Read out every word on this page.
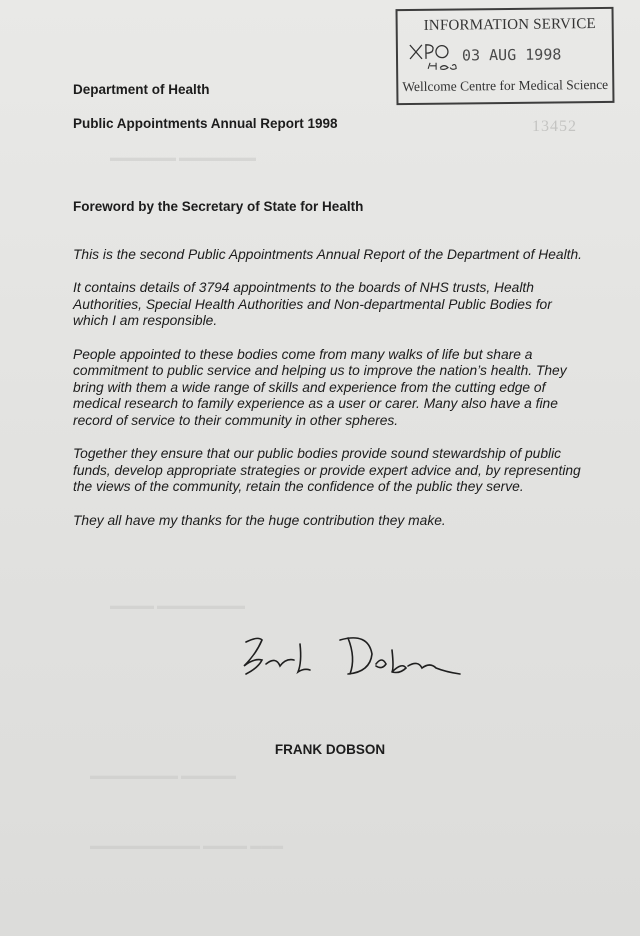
▬▬▬▬▬▬ ▬▬▬▬▬▬▬
▬▬▬▬ ▬▬▬▬▬▬▬▬
▬▬▬▬▬▬▬▬ ▬▬▬▬▬
▬▬▬▬▬▬▬▬▬▬ ▬▬▬▬ ▬▬▬
INFORMATION SERVICE
03 AUG 1998
Wellcome Centre for Medical Science
Department of Health
Public Appointments Annual Report 1998	13452
Foreword by the Secretary of State for Health

This is the second Public Appointments Annual Report of the Department of Health.

It contains details of 3794 appointments to the boards of NHS trusts, Health Authorities, Special Health Authorities and Non-departmental Public Bodies for which I am responsible.

People appointed to these bodies come from many walks of life but share a commitment to public service and helping us to improve the nation’s health. They bring with them a wide range of skills and experience from the cutting edge of medical research to family experience as a user or carer. Many also have a fine record of service to their community in other spheres.

Together they ensure that our public bodies provide sound stewardship of public funds, develop appropriate strategies or provide expert advice and, by representing the views of the community, retain the confidence of the public they serve.

They all have my thanks for the huge contribution they make.

FRANK DOBSON
